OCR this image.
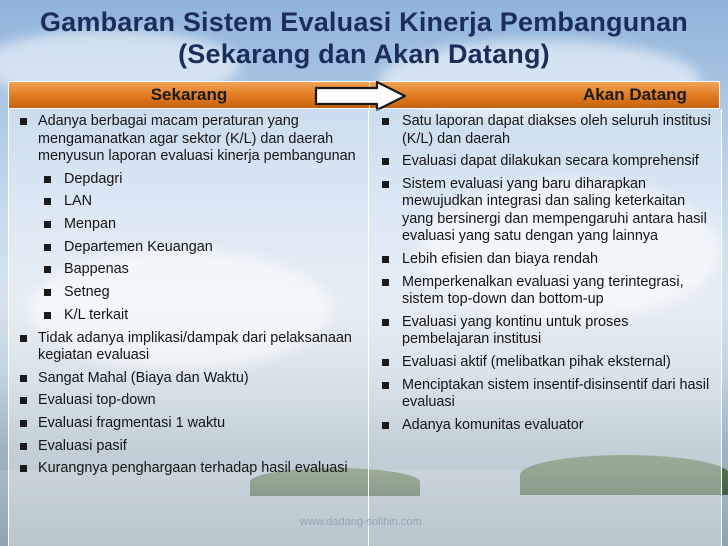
Gambaran Sistem Evaluasi Kinerja Pembangunan
(Sekarang dan Akan Datang)
Sekarang	Akan Datang
Adanya berbagai macam peraturan yang mengamanatkan agar sektor (K/L) dan daerah menyusun laporan evaluasi kinerja pembangunan
Depdagri
LAN
Menpan
Departemen Keuangan
Bappenas
Setneg
K/L terkait
Tidak adanya implikasi/dampak dari pelaksanaan kegiatan evaluasi
Sangat Mahal (Biaya dan Waktu)
Evaluasi top-down
Evaluasi fragmentasi 1 waktu
Evaluasi pasif
Kurangnya penghargaan terhadap hasil evaluasi
Satu laporan dapat diakses oleh seluruh institusi (K/L) dan daerah
Evaluasi dapat dilakukan secara komprehensif
Sistem evaluasi yang baru diharapkan mewujudkan integrasi dan saling keterkaitan yang bersinergi dan mempengaruhi antara hasil evaluasi yang satu dengan yang lainnya
Lebih efisien dan biaya rendah
Memperkenalkan evaluasi yang terintegrasi, sistem top-down dan bottom-up
Evaluasi yang kontinu untuk proses pembelajaran institusi
Evaluasi aktif (melibatkan pihak eksternal)
Menciptakan sistem insentif-disinsentif dari hasil evaluasi
Adanya komunitas evaluator
www.dadang-solihin.com
